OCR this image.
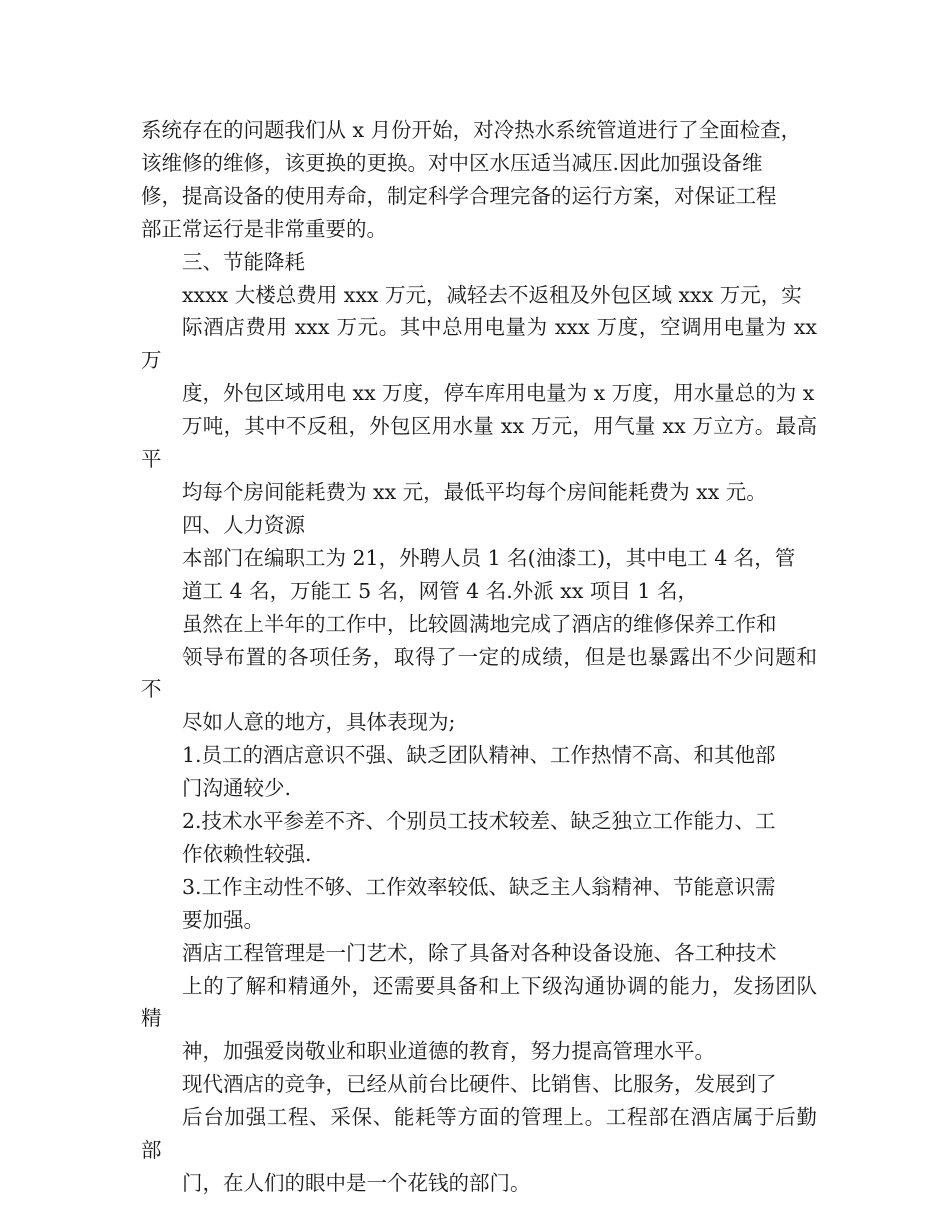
系统存在的问题我们从 x 月份开始，对冷热水系统管道进行了全面检查，
该维修的维修，该更换的更换。对中区水压适当减压.因此加强设备维
修，提高设备的使用寿命，制定科学合理完备的运行方案，对保证工程
部正常运行是非常重要的。

三、节能降耗

xxxx 大楼总费用 xxx 万元，减轻去不返租及外包区域 xxx 万元，实
际酒店费用 xxx 万元。其中总用电量为 xxx 万度，空调用电量为 xx 万
度，外包区域用电 xx 万度，停车库用电量为 x 万度，用水量总的为 x
万吨，其中不反租，外包区用水量 xx 万元，用气量 xx 万立方。最高平
均每个房间能耗费为 xx 元，最低平均每个房间能耗费为 xx 元。

四、人力资源

本部门在编职工为 21，外聘人员 1 名(油漆工)，其中电工 4 名，管
道工 4 名，万能工 5 名，网管 4 名.外派 xx 项目 1 名，

虽然在上半年的工作中，比较圆满地完成了酒店的维修保养工作和
领导布置的各项任务，取得了一定的成绩，但是也暴露出不少问题和不
尽如人意的地方，具体表现为;

1.员工的酒店意识不强、缺乏团队精神、工作热情不高、和其他部
门沟通较少.

2.技术水平参差不齐、个别员工技术较差、缺乏独立工作能力、工
作依赖性较强.

3.工作主动性不够、工作效率较低、缺乏主人翁精神、节能意识需
要加强。

酒店工程管理是一门艺术，除了具备对各种设备设施、各工种技术
上的了解和精通外，还需要具备和上下级沟通协调的能力，发扬团队精
神，加强爱岗敬业和职业道德的教育，努力提高管理水平。

现代酒店的竞争，已经从前台比硬件、比销售、比服务，发展到了
后台加强工程、采保、能耗等方面的管理上。工程部在酒店属于后勤部
门，在人们的眼中是一个花钱的部门。
